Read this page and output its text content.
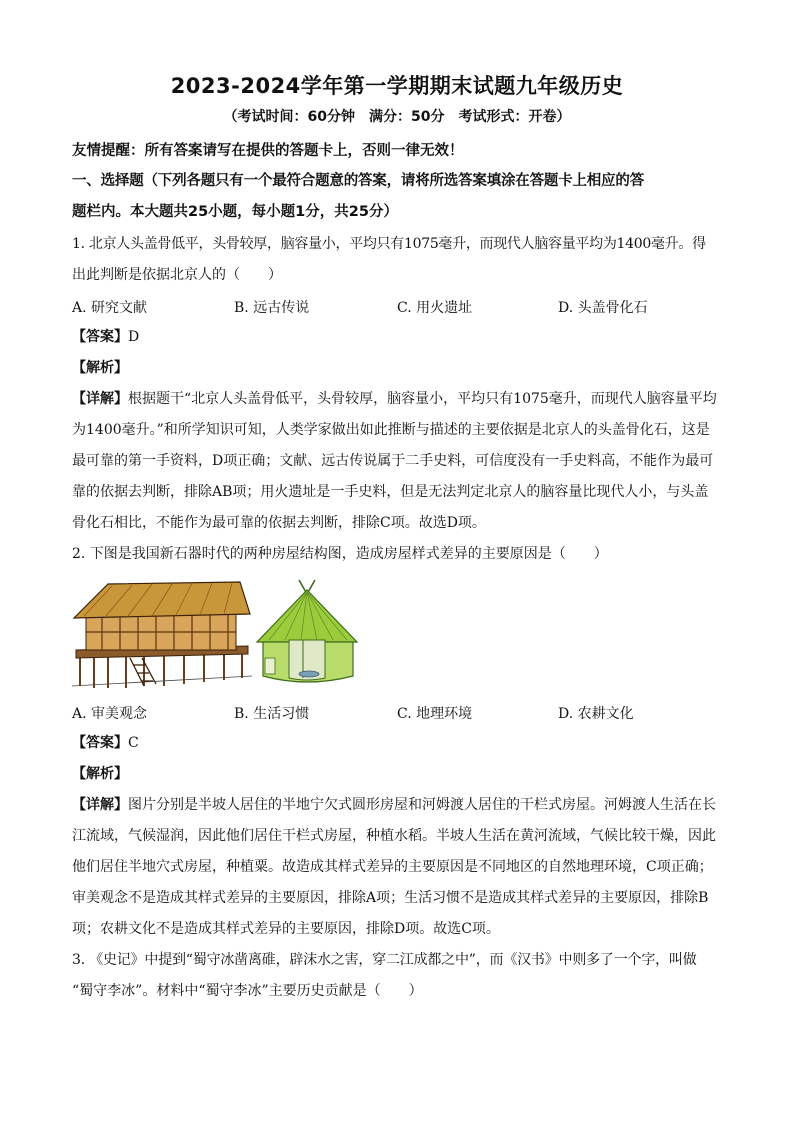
2023-2024学年第一学期期末试题九年级历史
（考试时间：60分钟　满分：50分　考试形式：开卷）
友情提醒：所有答案请写在提供的答题卡上，否则一律无效！
一、选择题（下列各题只有一个最符合题意的答案，请将所选答案填涂在答题卡上相应的答
题栏内。本大题共25小题，每小题1分，共25分）
1. 北京人头盖骨低平，头骨较厚，脑容量小，平均只有1075毫升，而现代人脑容量平均为1400毫升。得
出此判断是依据北京人的（　　）
A. 研究文献	B. 远古传说	C. 用火遗址	D. 头盖骨化石
【答案】D
【解析】
【详解】根据题干“北京人头盖骨低平，头骨较厚，脑容量小，平均只有1075毫升，而现代人脑容量平均
为1400毫升。”和所学知识可知，人类学家做出如此推断与描述的主要依据是北京人的头盖骨化石，这是
最可靠的第一手资料，D项正确；文献、远古传说属于二手史料，可信度没有一手史料高，不能作为最可
靠的依据去判断，排除AB项；用火遗址是一手史料，但是无法判定北京人的脑容量比现代人小，与头盖
骨化石相比，不能作为最可靠的依据去判断，排除C项。故选D项。
2. 下图是我国新石器时代的两种房屋结构图，造成房屋样式差异的主要原因是（　　）
A. 审美观念	B. 生活习惯	C. 地理环境	D. 农耕文化
【答案】C
【解析】
【详解】图片分别是半坡人居住的半地宁欠式圆形房屋和河姆渡人居住的干栏式房屋。河姆渡人生活在长
江流域，气候湿润，因此他们居住干栏式房屋，种植水稻。半坡人生活在黄河流域，气候比较干燥，因此
他们居住半地穴式房屋，种植粟。故造成其样式差异的主要原因是不同地区的自然地理环境，C项正确；
审美观念不是造成其样式差异的主要原因，排除A项；生活习惯不是造成其样式差异的主要原因，排除B
项；农耕文化不是造成其样式差异的主要原因，排除D项。故选C项。
3. 《史记》中提到“蜀守冰凿离碓，辟沫水之害，穿二江成都之中”，而《汉书》中则多了一个字，叫做
“蜀守李冰”。材料中“蜀守李冰”主要历史贡献是（　　）
